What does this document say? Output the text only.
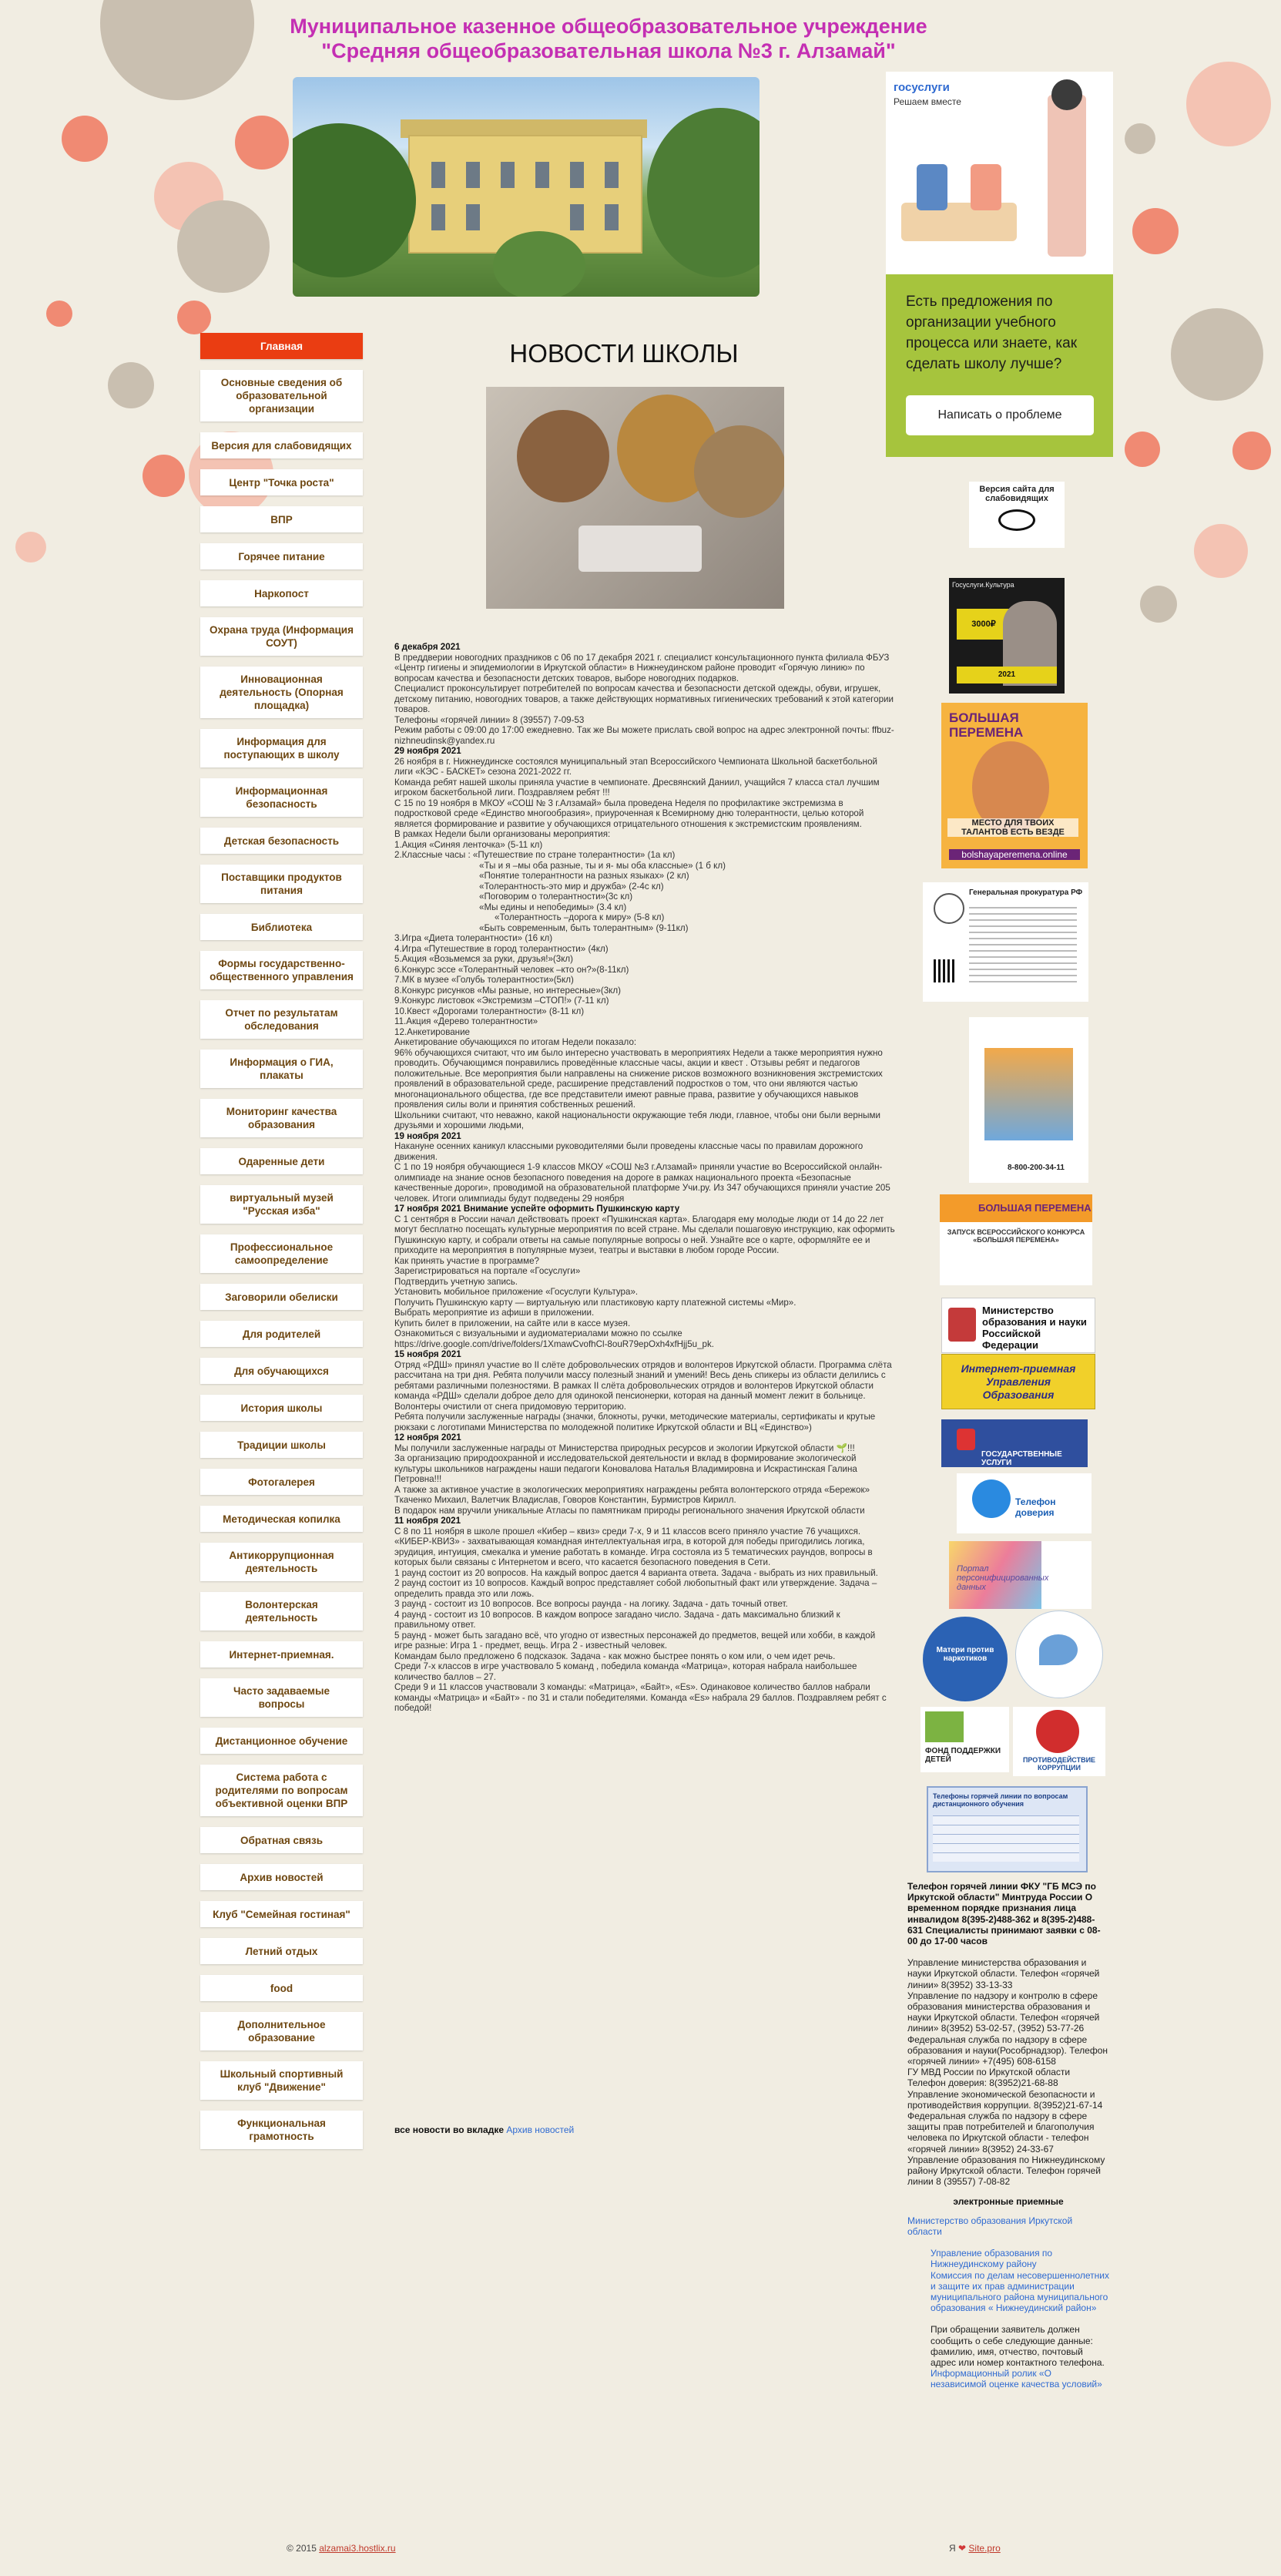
Муниципальное казенное общеобразовательное учреждение
"Средняя общеобразовательная школа №3 г. Алзамай"
госуслуги
Решаем вместе
Есть предложения по организации учебного процесса или знаете, как сделать школу лучше?
Написать о проблеме
Главная
Основные сведения об образовательной организации
Версия для слабовидящих
Центр "Точка роста"
ВПР
Горячее питание
Наркопост
Охрана труда (Информация СОУТ)
Инновационная деятельность (Опорная площадка)
Информация для поступающих в школу
Информационная безопасность
Детская безопасность
Поставщики продуктов питания
Библиотека
Формы государственно-общественного управления
Отчет по результатам обследования
Информация о ГИА, плакаты
Мониторинг качества образования
Одаренные дети
виртуальный музей "Русская изба"
Профессиональное самоопределение
Заговорили обелиски
Для родителей
Для обучающихся
История школы
Традиции школы
Фотогалерея
Методическая копилка
Антикоррупционная деятельность
Волонтерская деятельность
Интернет-приемная.
Часто задаваемые вопросы
Дистанционное обучение
Система работа с родителями по вопросам объективной оценки ВПР
Обратная связь
Архив новостей
Клуб "Семейная гостиная"
Летний отдых
food
Дополнительное образование
Школьный спортивный клуб "Движение"
Функциональная грамотность
НОВОСТИ ШКОЛЫ

6 декабря 2021

В преддверии новогодних праздников с 06 по 17 декабря 2021 г. специалист консультационного пункта филиала ФБУЗ «Центр гигиены и эпидемиологии в Иркутской области» в Нижнеудинском районе проводит «Горячую линию» по вопросам качества и безопасности детских товаров, выборе новогодних подарков.

Специалист проконсультирует потребителей по вопросам качества и безопасности детской одежды, обуви, игрушек, детскому питанию, новогодних товаров, а также действующих нормативных гигиенических требований к этой категории товаров.

Телефоны «горячей линии» 8 (39557) 7-09-53

Режим работы с 09:00 до 17:00 ежедневно. Так же Вы можете прислать свой вопрос на адрес электронной почты: ffbuz-nizhneudinsk@yandex.ru

29 ноября 2021

26 ноября в г. Нижнеудинске состоялся муниципальный этап Всероссийского Чемпионата Школьной баскетбольной лиги «КЭС - БАСКЕТ» сезона 2021-2022 гг.

Команда ребят нашей школы приняла участие в чемпионате. Дресвянский Даниил, учащийся 7 класса стал лучшим игроком баскетбольной лиги. Поздравляем ребят !!!

С 15 по 19 ноября в МКОУ «СОШ № 3 г.Алзамай» была проведена Неделя по профилактике экстремизма в подростковой среде «Единство многообразия», приуроченная к Всемирному дню толерантности, целью которой является формирование и развитие у обучающихся отрицательного отношения к экстремистским проявлениям.

В рамках Недели были организованы мероприятия:

1.Акция «Синяя ленточка» (5-11 кл)

2.Классные часы : «Путешествие по стране толерантности» (1а кл)

«Ты и я –мы оба разные, ты и я- мы оба классные» (1 б кл)

«Понятие толерантности на разных языках» (2 кл)

«Толерантность-это мир и дружба» (2-4с кл)

«Поговорим о толерантности»(3с кл)

«Мы едины и непобедимы» (3.4 кл)

«Толерантность –дорога к миру» (5-8 кл)

«Быть современным, быть толерантным» (9-11кл)

3.Игра «Диета толерантности» (16 кл)

4.Игра «Путешествие в город толерантности» (4кл)

5.Акция «Возьмемся за руки, друзья!»(3кл)

6.Конкурс эссе «Толерантный человек –кто он?»(8-11кл)

7.МК в музее «Голубь толерантности»(5кл)

8.Конкурс рисунков «Мы разные, но интересные»(3кл)

9.Конкурс листовок «Экстремизм –СТОП!» (7-11 кл)

10.Квест «Дорогами толерантности» (8-11 кл)

11.Акция «Дерево толерантности»

12.Анкетирование

Анкетирование обучающихся по итогам Недели показало:

96% обучающихся считают, что им было интересно участвовать в мероприятиях Недели а также мероприятия нужно проводить. Обучающимся понравились проведённые классные часы, акции и квест . Отзывы ребят и педагогов положительные. Все мероприятия были направлены на снижение рисков возможного возникновения экстремистских проявлений в образовательной среде, расширение представлений подростков о том, что они являются частью многонационального общества, где все представители имеют равные права, развитие у обучающихся навыков проявления силы воли и принятия собственных решений.

Школьники считают, что неважно, какой национальности окружающие тебя люди, главное, чтобы они были верными друзьями и хорошими людьми,

19 ноября 2021

Накануне осенних каникул классными руководителями были проведены классные часы по правилам дорожного движения.

С 1 по 19 ноября обучающиеся 1-9 классов МКОУ «СОШ №3 г.Алзамай» приняли участие во Всероссийской онлайн-олимпиаде на знание основ безопасного поведения на дороге в рамках национального проекта «Безопасные качественные дороги», проводимой на образовательной платформе Учи.ру. Из 347 обучающихся приняли участие 205 человек. Итоги олимпиады будут подведены 29 ноября

17 ноября 2021 Внимание успейте оформить Пушкинскую карту

С 1 сентября в России начал действовать проект «Пушкинская карта». Благодаря ему молодые люди от 14 до 22 лет могут бесплатно посещать культурные мероприятия по всей стране. Мы сделали пошаговую инструкцию, как оформить Пушкинскую карту, и собрали ответы на самые популярные вопросы о ней. Узнайте все о карте, оформляйте ее и приходите на мероприятия в популярные музеи, театры и выставки в любом городе России.

Как принять участие в программе?

Зарегистрироваться на портале «Госуслуги»

Подтвердить учетную запись.

Установить мобильное приложение «Госуслуги Культура».

Получить Пушкинскую карту — виртуальную или пластиковую карту платежной системы «Мир».

Выбрать мероприятие из афиши в приложении.

Купить билет в приложении, на сайте или в кассе музея.

Ознакомиться с визуальными и аудиоматериалами можно по ссылке

https://drive.google.com/drive/folders/1XmawCvofhCl-8ouR79epOxh4xfHjj5u_pk.

15 ноября 2021

Отряд «РДШ» принял участие во II слёте добровольческих отрядов и волонтеров Иркутской области. Программа слёта рассчитана на три дня. Ребята получили массу полезный знаний и умений! Весь день спикеры из области делились с ребятами различными полезностями. В рамках II слёта добровольческих отрядов и волонтеров Иркутской области команда «РДШ» сделали доброе дело для одинокой пенсионерки, которая на данный момент лежит в больнице. Волонтеры очистили от снега придомовую территорию.

Ребята получили заслуженные награды (значки, блокноты, ручки, методические материалы, сертификаты и крутые рюкзаки с логотипами Министерства по молодежной политике Иркутской области и ВЦ «Единство»)

12 ноября 2021

Мы получили заслуженные награды от Министерства природных ресурсов и экологии Иркутской области 🌱!!!

За организацию природоохранной и исследовательской деятельности и вклад в формирование экологической культуры школьников награждены наши педагоги Коновалова Наталья Владимировна и Искрастинская Галина Петровна!!!

А также за активное участие в экологических мероприятиях награждены ребята волонтерского отряда «Бережок» Ткаченко Михаил, Валетчик Владислав, Говоров Константин, Бурмистров Кирилл.

В подарок нам вручили уникальные Атласы по памятникам природы регионального значения Иркутской области

11 ноября 2021

С 8 по 11 ноября в школе прошел «Кибер – квиз» среди 7-х, 9 и 11 классов всего приняло участие 76 учащихся. «КИБЕР-КВИЗ» - захватывающая командная интеллектуальная игра, в которой для победы пригодились логика, эрудиция, интуиция, смекалка и умение работать в команде. Игра состояла из 5 тематических раундов, вопросы в которых были связаны с Интернетом и всего, что касается безопасного поведения в Сети.

1 раунд состоит из 20 вопросов. На каждый вопрос дается 4 варианта ответа. Задача - выбрать из них правильный.

2 раунд состоит из 10 вопросов. Каждый вопрос представляет собой любопытный факт или утверждение. Задача – определить правда это или ложь.

3 раунд - состоит из 10 вопросов. Все вопросы раунда - на логику. Задача - дать точный ответ.

4 раунд - состоит из 10 вопросов. В каждом вопросе загадано число. Задача - дать максимально близкий к правильному ответ.

5 раунд - может быть загадано всё, что угодно от известных персонажей до предметов, вещей или хобби, в каждой игре разные: Игра 1 - предмет, вещь. Игра 2 - известный человек.

Командам было предложено 6 подсказок. Задача - как можно быстрее понять о ком или, о чем идет речь.

Среди 7-х классов в игре участвовало 5 команд , победила команда «Матрица», которая набрала наибольшее количество баллов – 27.

Среди 9 и 11 классов участвовали 3 команды: «Матрица», «Байт», «Еs». Одинаковое количество баллов набрали команды «Матрица» и «Байт» - по 31 и стали победителями. Команда «Еs» набрала 29 баллов. Поздравляем ребят с победой!

все новости во вкладке Архив новостей
Версия сайта для слабовидящих
Госуслуги.Культура
3000₽
2021
БОЛЬШАЯ ПЕРЕМЕНА
МЕСТО ДЛЯ ТВОИХ ТАЛАНТОВ ЕСТЬ ВЕЗДЕ
bolshayaperemena.online
Генеральная прокуратура РФ
8-800-200-34-11
БОЛЬШАЯ ПЕРЕМЕНА
ЗАПУСК ВСЕРОССИЙСКОГО КОНКУРСА «БОЛЬШАЯ ПЕРЕМЕНА»
Министерство образования и науки Российской Федерации
Интернет-приемная Управления Образования
ГОСУДАРСТВЕННЫЕ УСЛУГИ
Телефон доверия
Портал персонифицированных данных
Матери против наркотиков
ФОНД ПОДДЕРЖКИ ДЕТЕЙ	ПРОТИВОДЕЙСТВИЕ КОРРУПЦИИ
Телефоны горячей линии по вопросам дистанционного обучения
Телефон горячей линии ФКУ "ГБ МСЭ по Иркутской области" Минтруда России О временном порядке признания лица инвалидом 8(395-2)488-362 и 8(395-2)488-631 Специалисты принимают заявки с 08-00 до 17-00 часов
Управление министерства образования и науки Иркутской области. Телефон «горячей линии» 8(3952) 33-13-33
Управление по надзору и контролю в сфере образования министерства образования и науки Иркутской области. Телефон «горячей линии» 8(3952) 53-02-57, (3952) 53-77-26
Федеральная служба по надзору в сфере образования и науки(Рособрнадзор). Телефон «горячей линии» +7(495) 608-6158
ГУ МВД России по Иркутской области Телефон доверия: 8(3952)21-68-88
Управление экономической безопасности и противодействия коррупции. 8(3952)21-67-14
Федеральная служба по надзору в сфере защиты прав потребителей и благополучия человека по Иркутской области - телефон «горячей линии» 8(3952) 24-33-67
Управление образования по Нижнеудинскому району Иркутской области. Телефон горячей линии 8 (39557) 7-08-82
электронные приемные
Министерство образования Иркутской области
Управление образования по Нижнеудинскому району
Комиссия по делам несовершеннолетних и защите их прав администрации муниципального района муниципального образования « Нижнеудинский район»
При обращении заявитель должен сообщить о себе следующие данные: фамилию, имя, отчество, почтовый адрес или номер контактного телефона.
Информационный ролик «О независимой оценке качества условий»
© 2015 alzamai3.hostlix.ru	Я ❤ Site.pro
